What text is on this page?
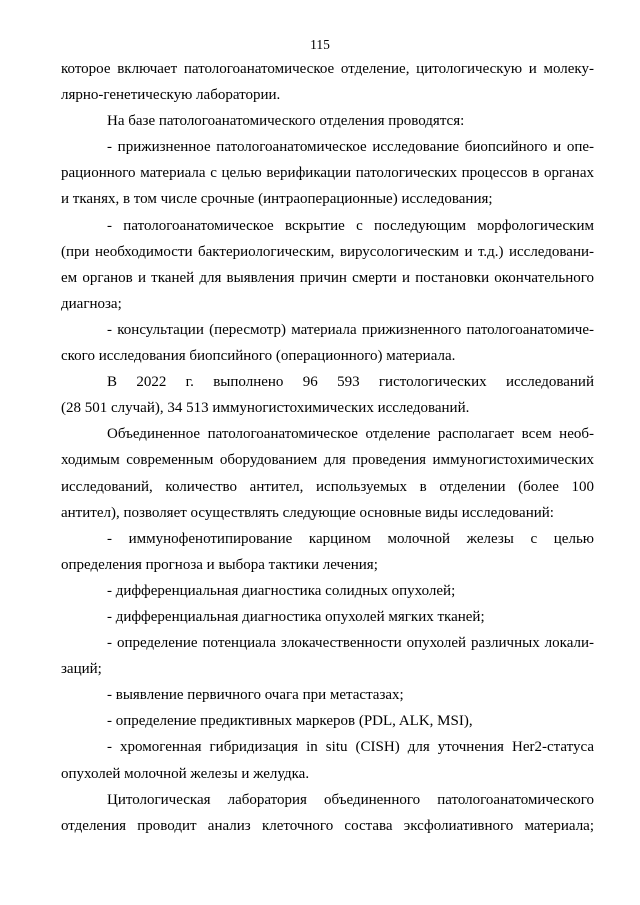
115
которое включает патологоанатомическое отделение, цитологическую и молеку-
лярно-генетическую лаборатории.
На базе патологоанатомического отделения проводятся:
- прижизненное патологоанатомическое исследование биопсийного и опе-
рационного материала с целью верификации патологических процессов в органах
и тканях, в том числе срочные (интраоперационные) исследования;
- патологоанатомическое вскрытие с последующим морфологическим
(при необходимости бактериологическим, вирусологическим и т.д.) исследовани-
ем органов и тканей для выявления причин смерти и постановки окончательного
диагноза;
- консультации (пересмотр) материала прижизненного патологоанатомиче-
ского исследования биопсийного (операционного) материала.
В 2022 г. выполнено 96 593 гистологических исследований
(28 501 случай), 34 513 иммуногистохимических исследований.
Объединенное патологоанатомическое отделение располагает всем необ-
ходимым современным оборудованием для проведения иммуногистохимических
исследований, количество антител, используемых в отделении (более 100
антител), позволяет осуществлять следующие основные виды исследований:
- иммунофенотипирование карцином молочной железы с целью
определения прогноза и выбора тактики лечения;
- дифференциальная диагностика солидных опухолей;
- дифференциальная диагностика опухолей мягких тканей;
- определение потенциала злокачественности опухолей различных локали-
заций;
- выявление первичного очага при метастазах;
- определение предиктивных маркеров (PDL, ALK, MSI),
- хромогенная гибридизация in situ (CISH) для уточнения Her2-статуса
опухолей молочной железы и желудка.
Цитологическая лаборатория объединенного патологоанатомического
отделения проводит анализ клеточного состава эксфолиативного материала;
